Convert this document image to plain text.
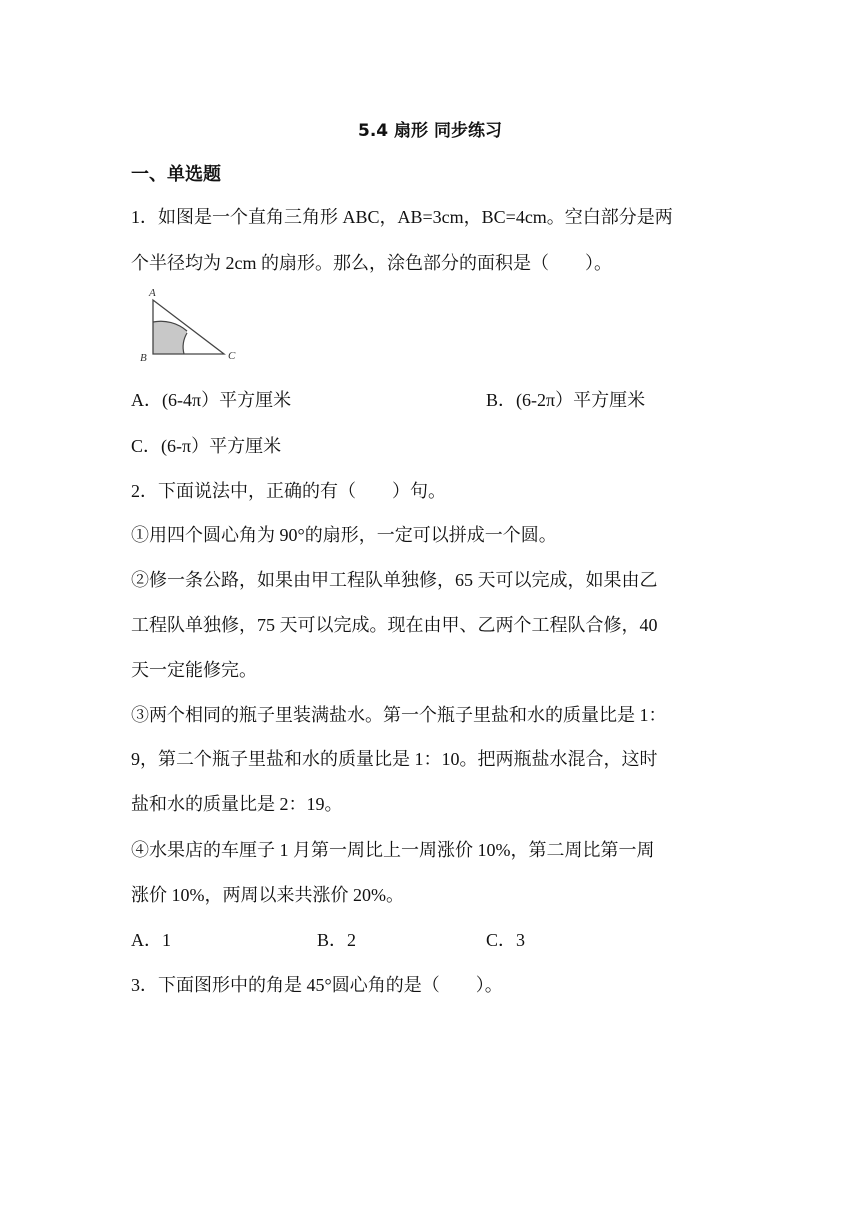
5.4 扇形 同步练习
一、单选题
1．如图是一个直角三角形 ABC，AB=3cm，BC=4cm。空白部分是两
个半径均为 2cm 的扇形。那么，涂色部分的面积是（　　）。
A
B	C
A．(6-4π）平方厘米	B．(6-2π）平方厘米
C．(6-π）平方厘米
2．下面说法中，正确的有（　　）句。
①用四个圆心角为 90°的扇形，一定可以拼成一个圆。
②修一条公路，如果由甲工程队单独修，65 天可以完成，如果由乙
工程队单独修，75 天可以完成。现在由甲、乙两个工程队合修，40
天一定能修完。
③两个相同的瓶子里装满盐水。第一个瓶子里盐和水的质量比是 1：
9，第二个瓶子里盐和水的质量比是 1：10。把两瓶盐水混合，这时
盐和水的质量比是 2：19。
④水果店的车厘子 1 月第一周比上一周涨价 10%，第二周比第一周
涨价 10%，两周以来共涨价 20%。
A．1	B．2	C．3
3．下面图形中的角是 45°圆心角的是（　　）。
